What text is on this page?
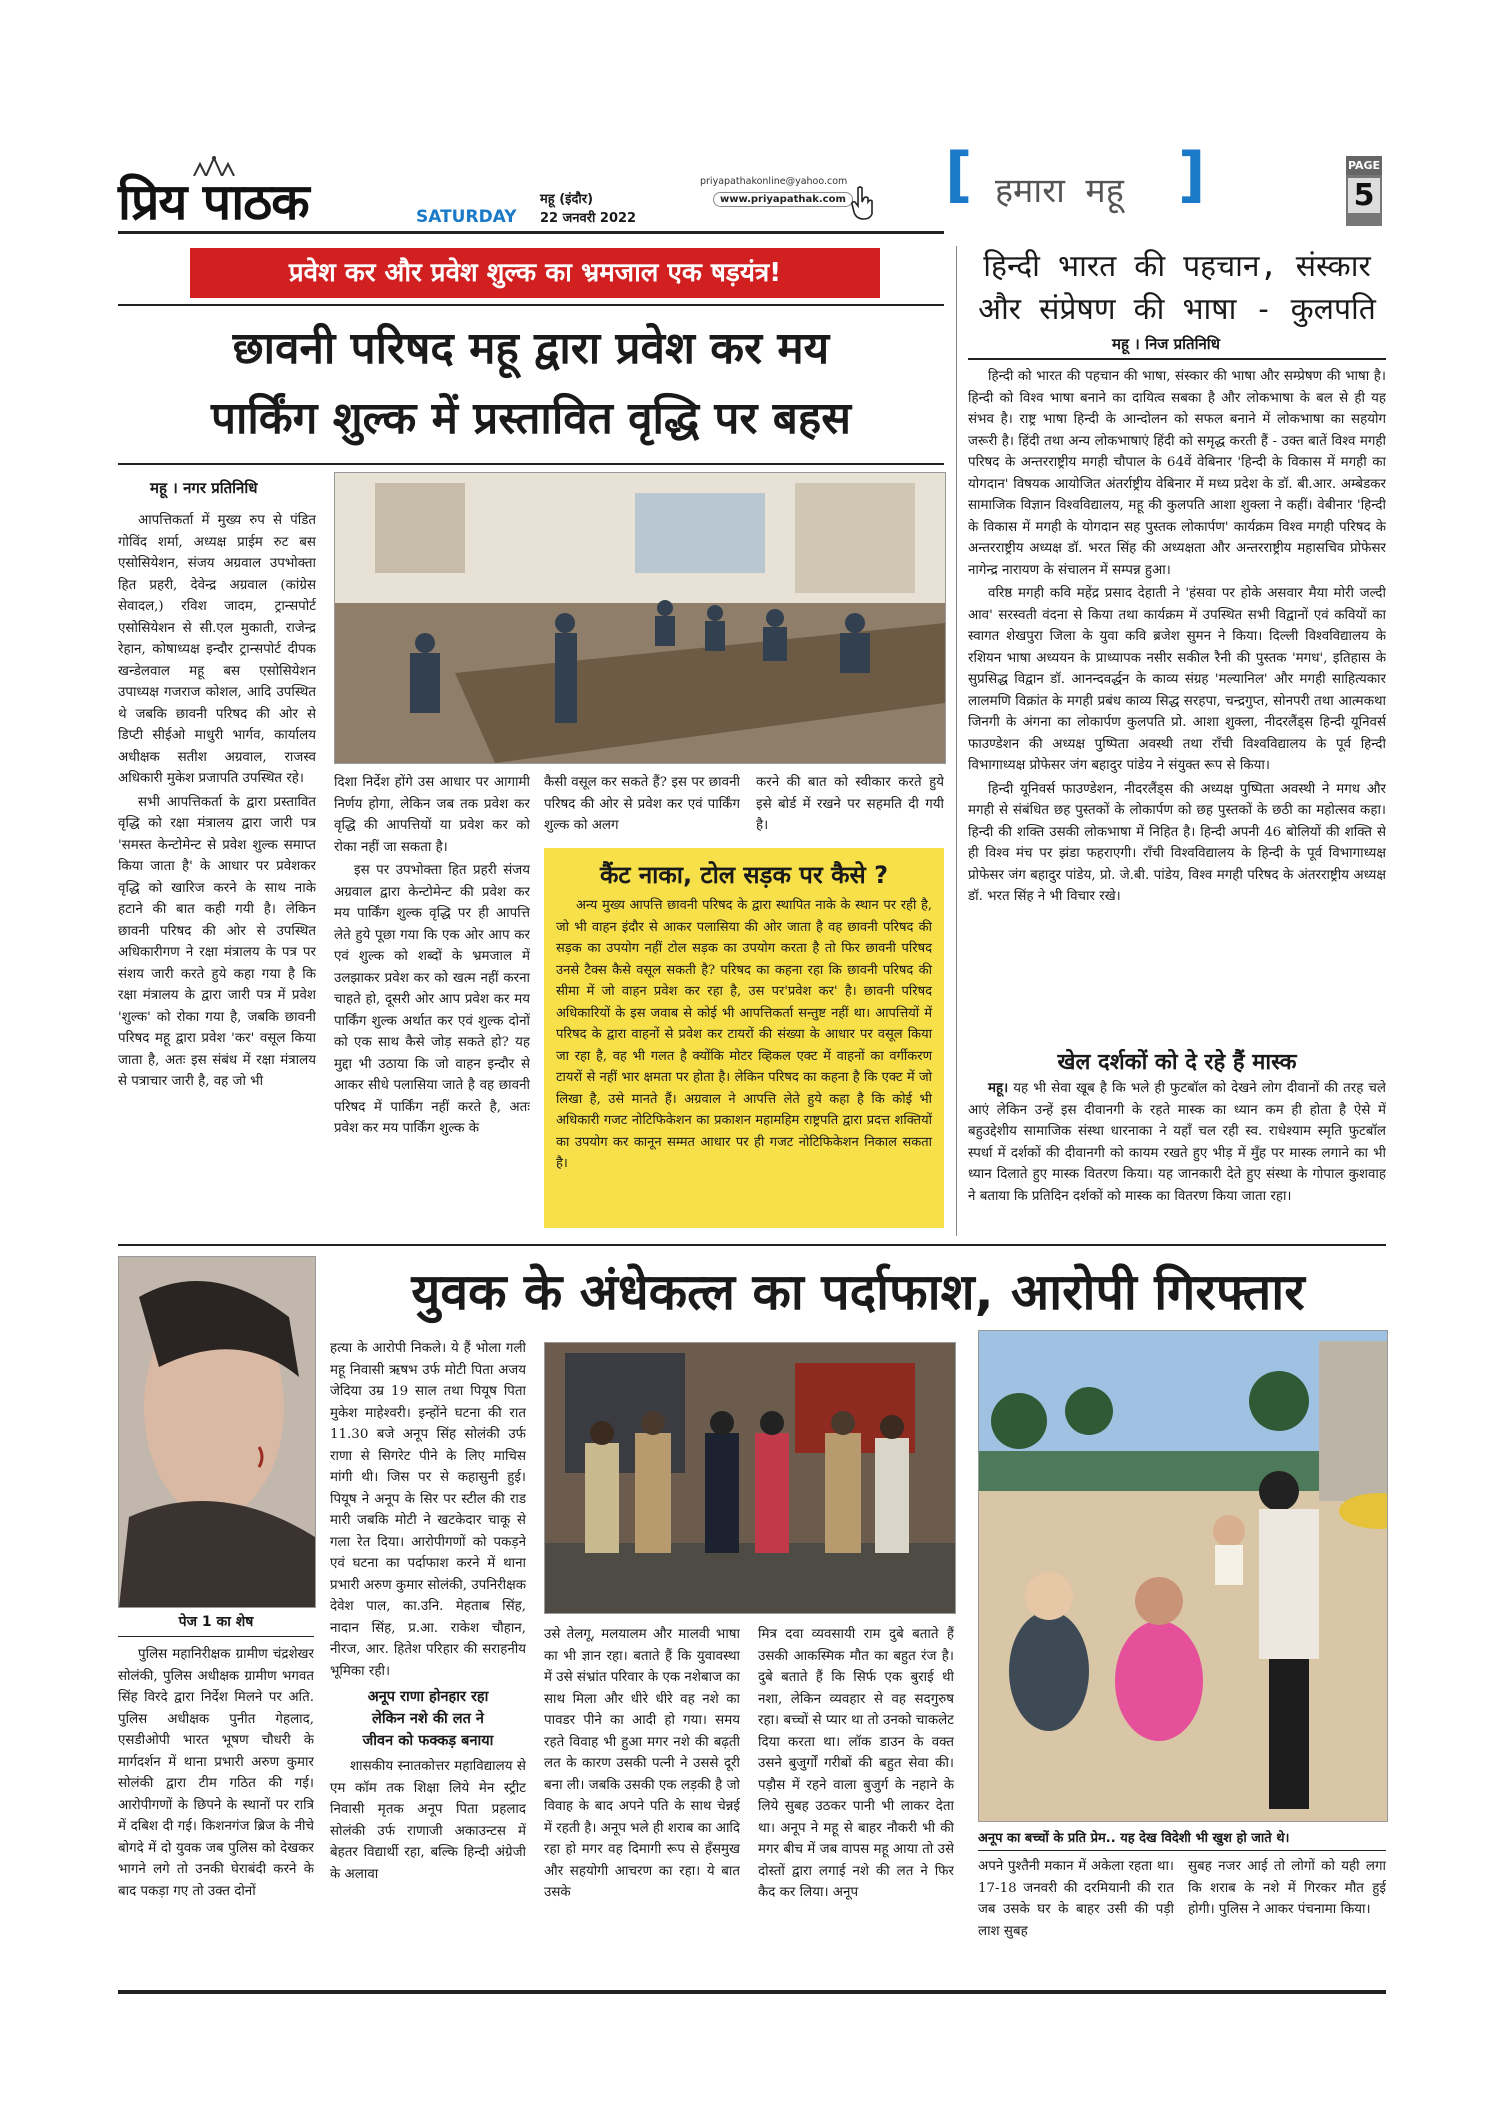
प्रिय पाठक	SATURDAY
महू (इंदौर)
22 जनवरी 2022
priyapathakonline@yahoo.com
www.priyapathak.com [ हमारा महू ]	PAGE
5
प्रवेश कर और प्रवेश शुल्क का भ्रमजाल एक षड़यंत्र!
छावनी परिषद महू द्वारा प्रवेश कर मय
पार्किंग शुल्क में प्रस्तावित वृद्धि पर बहस
महू । नगर प्रतिनिधि

आपत्तिकर्ता में मुख्य रुप से पंडित गोविंद शर्मा, अध्यक्ष प्राईम रुट बस एसोसियेशन, संजय अग्रवाल उपभोक्ता हित प्रहरी, देवेन्द्र अग्रवाल (कांग्रेस सेवादल,) रविश जादम, ट्रान्सपोर्ट एसोसियेशन से सी.एल मुकाती, राजेन्द्र रेहान, कोषाध्यक्ष इन्दौर ट्रान्सपोर्ट दीपक खन्डेलवाल महू बस एसोसियेशन उपाध्यक्ष गजराज कोशल, आदि उपस्थित थे जबकि छावनी परिषद की ओर से डिप्टी सीईओ माधुरी भार्गव, कार्यालय अधीक्षक सतीश अग्रवाल, राजस्व अधिकारी मुकेश प्रजापति उपस्थित रहे।

सभी आपत्तिकर्ता के द्वारा प्रस्तावित वृद्धि को रक्षा मंत्रालय द्वारा जारी पत्र 'समस्त केन्टोमेन्ट से प्रवेश शुल्क समाप्त किया जाता है' के आधार पर प्रवेशकर वृद्धि को खारिज करने के साथ नाके हटाने की बात कही गयी है। लेकिन छावनी परिषद की ओर से उपस्थित अधिकारीगण ने रक्षा मंत्रालय के पत्र पर संशय जारी करते हुये कहा गया है कि रक्षा मंत्रालय के द्वारा जारी पत्र में प्रवेश 'शुल्क' को रोका गया है, जबकि छावनी परिषद महू द्वारा प्रवेश 'कर' वसूल किया जाता है, अतः इस संबंध में रक्षा मंत्रालय से पत्राचार जारी है, वह जो भी

दिशा निर्देश होंगे उस आधार पर आगामी निर्णय होगा, लेकिन जब तक प्रवेश कर वृद्धि की आपत्तियों या प्रवेश कर को रोका नहीं जा सकता है।

इस पर उपभोक्ता हित प्रहरी संजय अग्रवाल द्वारा केन्टोमेन्ट की प्रवेश कर मय पार्किंग शुल्क वृद्धि पर ही आपत्ति लेते हुये पूछा गया कि एक ओर आप कर एवं शुल्क को शब्दों के भ्रमजाल में उलझाकर प्रवेश कर को खत्म नहीं करना चाहते हो, दूसरी ओर आप प्रवेश कर मय पार्किंग शुल्क अर्थात कर एवं शुल्क दोनों को एक साथ कैसे जोड़ सकते हो? यह मुद्दा भी उठाया कि जो वाहन इन्दौर से आकर सीधे पलासिया जाते है वह छावनी परिषद में पार्किंग नहीं करते है, अतः प्रवेश कर मय पार्किंग शुल्क के

कैसी वसूल कर सकते हैं? इस पर छावनी परिषद की ओर से प्रवेश कर एवं पार्किंग शुल्क को अलग

करने की बात को स्वीकार करते हुये इसे बोर्ड में रखने पर सहमति दी गयी है।

कैंट नाका, टोल सड़क पर कैसे ?
अन्य मुख्य आपत्ति छावनी परिषद के द्वारा स्थापित नाके के स्थान पर रही है, जो भी वाहन इंदौर से आकर पलासिया की ओर जाता है वह छावनी परिषद की सड़क का उपयोग नहीं टोल सड़क का उपयोग करता है तो फिर छावनी परिषद उनसे टैक्स कैसे वसूल सकती है? परिषद का कहना रहा कि छावनी परिषद की सीमा में जो वाहन प्रवेश कर रहा है, उस पर'प्रवेश कर' है। छावनी परिषद अधिकारियों के इस जवाब से कोई भी आपत्तिकर्ता सन्तुष्ट नहीं था। आपत्तियों में परिषद के द्वारा वाहनों से प्रवेश कर टायरों की संख्या के आधार पर वसूल किया जा रहा है, वह भी गलत है क्योंकि मोटर व्हिकल एक्ट में वाहनों का वर्गीकरण टायरों से नहीं भार क्षमता पर होता है। लेकिन परिषद का कहना है कि एक्ट में जो लिखा है, उसे मानते हैं। अग्रवाल ने आपत्ति लेते हुये कहा है कि कोई भी अधिकारी गजट नोटिफिकेशन का प्रकाशन महामहिम राष्ट्रपति द्वारा प्रदत्त शक्तियों का उपयोग कर कानून सम्मत आधार पर ही गजट नोटिफिकेशन निकाल सकता है।
हिन्दी भारत की पहचान, संस्कार
और संप्रेषण की भाषा - कुलपति
महू । निज प्रतिनिधि

हिन्दी को भारत की पहचान की भाषा, संस्कार की भाषा और सम्प्रेषण की भाषा है। हिन्दी को विश्व भाषा बनाने का दायित्व सबका है और लोकभाषा के बल से ही यह संभव है। राष्ट्र भाषा हिन्दी के आन्दोलन को सफल बनाने में लोकभाषा का सहयोग जरूरी है। हिंदी तथा अन्य लोकभाषाएं हिंदी को समृद्ध करती हैं - उक्त बातें विश्व मगही परिषद के अन्तरराष्ट्रीय मगही चौपाल के 64वें वेबिनार 'हिन्दी के विकास में मगही का योगदान' विषयक आयोजित अंतर्राष्ट्रीय वेबिनार में मध्य प्रदेश के डॉ. बी.आर. अम्बेडकर सामाजिक विज्ञान विश्वविद्यालय, महू की कुलपति आशा शुक्ला ने कहीं। वेबीनार 'हिन्दी के विकास में मगही के योगदान सह पुस्तक लोकार्पण' कार्यक्रम विश्व मगही परिषद के अन्तरराष्ट्रीय अध्यक्ष डॉ. भरत सिंह की अध्यक्षता और अन्तरराष्ट्रीय महासचिव प्रोफेसर नागेन्द्र नारायण के संचालन में सम्पन्न हुआ।

वरिष्ठ मगही कवि महेंद्र प्रसाद देहाती ने 'हंसवा पर होके असवार मैया मोरी जल्दी आव' सरस्वती वंदना से किया तथा कार्यक्रम में उपस्थित सभी विद्वानों एवं कवियों का स्वागत शेखपुरा जिला के युवा कवि ब्रजेश सुमन ने किया। दिल्ली विश्वविद्यालय के रशियन भाषा अध्ययन के प्राध्यापक नसीर सकील रैनी की पुस्तक 'मगध', इतिहास के सुप्रसिद्ध विद्वान डॉ. आनन्दवर्द्धन के काव्य संग्रह 'मल्यानिल' और मगही साहित्यकार लालमणि विक्रांत के मगही प्रबंध काव्य सिद्ध सरहपा, चन्द्रगुप्त, सोनपरी तथा आत्मकथा जिनगी के अंगना का लोकार्पण कुलपति प्रो. आशा शुक्ला, नीदरलैंड्स हिन्दी यूनिवर्स फाउण्डेशन की अध्यक्ष पुष्पिता अवस्थी तथा राँची विश्वविद्यालय के पूर्व हिन्दी विभागाध्यक्ष प्रोफेसर जंग बहादुर पांडेय ने संयुक्त रूप से किया।

हिन्दी यूनिवर्स फाउण्डेशन, नीदरलैंड्स की अध्यक्ष पुष्पिता अवस्थी ने मगध और मगही से संबंधित छह पुस्तकों के लोकार्पण को छह पुस्तकों के छठी का महोत्सव कहा। हिन्दी की शक्ति उसकी लोकभाषा में निहित है। हिन्दी अपनी 46 बोलियों की शक्ति से ही विश्व मंच पर झंडा फहराएगी। राँची विश्वविद्यालय के हिन्दी के पूर्व विभागाध्यक्ष प्रोफेसर जंग बहादुर पांडेय, प्रो. जे.बी. पांडेय, विश्व मगही परिषद के अंतरराष्ट्रीय अध्यक्ष डॉ. भरत सिंह ने भी विचार रखे।

खेल दर्शकों को दे रहे हैं मास्क

महू। यह भी सेवा खूब है कि भले ही फुटबॉल को देखने लोग दीवानों की तरह चले आएं लेकिन उन्हें इस दीवानगी के रहते मास्क का ध्यान कम ही होता है ऐसे में बहुउद्देशीय सामाजिक संस्था धारनाका ने यहाँ चल रही स्व. राधेश्याम स्मृति फुटबॉल स्पर्धा में दर्शकों की दीवानगी को कायम रखते हुए भीड़ में मुँह पर मास्क लगाने का भी ध्यान दिलाते हुए मास्क वितरण किया। यह जानकारी देते हुए संस्था के गोपाल कुशवाह ने बताया कि प्रतिदिन दर्शकों को मास्क का वितरण किया जाता रहा।

पेज 1 का शेष
युवक के अंधेकत्ल का पर्दाफाश, आरोपी गिरफ्तार

पुलिस महानिरीक्षक ग्रामीण चंद्रशेखर सोलंकी, पुलिस अधीक्षक ग्रामीण भगवत सिंह विरदे द्वारा निर्देश मिलने पर अति. पुलिस अधीक्षक पुनीत गेहलाद, एसडीओपी भारत भूषण चौधरी के मार्गदर्शन में थाना प्रभारी अरुण कुमार सोलंकी द्वारा टीम गठित की गई। आरोपीगणों के छिपने के स्थानों पर रात्रि में दबिश दी गई। किशनगंज ब्रिज के नीचे बोगदे में दो युवक जब पुलिस को देखकर भागने लगे तो उनकी घेराबंदी करने के बाद पकड़ा गए तो उक्त दोनों

हत्या के आरोपी निकले। ये हैं भोला गली महू निवासी ऋषभ उर्फ मोटी पिता अजय जेदिया उम्र 19 साल तथा पियूष पिता मुकेश माहेश्वरी। इन्होंने घटना की रात 11.30 बजे अनूप सिंह सोलंकी उर्फ राणा से सिगरेट पीने के लिए माचिस मांगी थी। जिस पर से कहासुनी हुई। पियूष ने अनूप के सिर पर स्टील की राड मारी जबकि मोटी ने खटकेदार चाकू से गला रेत दिया। आरोपीगणों को पकड़ने एवं घटना का पर्दाफाश करने में थाना प्रभारी अरुण कुमार सोलंकी, उपनिरीक्षक देवेश पाल, का.उनि. मेहताब सिंह, नादान सिंह, प्र.आ. राकेश चौहान, नीरज, आर. हितेश परिहार की सराहनीय भूमिका रही।

अनूप राणा होनहार रहा
लेकिन नशे की लत ने
जीवन को फक्कड़ बनाया

शासकीय स्नातकोत्तर महाविद्यालय से एम कॉम तक शिक्षा लिये मेन स्ट्रीट निवासी मृतक अनूप पिता प्रहलाद सोलंकी उर्फ राणाजी अकाउन्टस में बेहतर विद्यार्थी रहा, बल्कि हिन्दी अंग्रेजी के अलावा

उसे तेलगू, मलयालम और मालवी भाषा का भी ज्ञान रहा। बताते हैं कि युवावस्था में उसे संभ्रांत परिवार के एक नशेबाज का साथ मिला और धीरे धीरे वह नशे का पावडर पीने का आदी हो गया। समय रहते विवाह भी हुआ मगर नशे की बढ़ती लत के कारण उसकी पत्नी ने उससे दूरी बना ली। जबकि उसकी एक लड़की है जो विवाह के बाद अपने पति के साथ चेन्नई में रहती है। अनूप भले ही शराब का आदि रहा हो मगर वह दिमागी रूप से हँसमुख और सहयोगी आचरण का रहा। ये बात उसके

मित्र दवा व्यवसायी राम दुबे बताते हैं उसकी आकस्मिक मौत का बहुत रंज है। दुबे बताते हैं कि सिर्फ एक बुराई थी नशा, लेकिन व्यवहार से वह सदगुरुष रहा। बच्चों से प्यार था तो उनको चाकलेट दिया करता था। लॉक डाउन के वक्त उसने बुजुर्गों गरीबों की बहुत सेवा की। पड़ौस में रहने वाला बुजुर्ग के नहाने के लिये सुबह उठकर पानी भी लाकर देता था। अनूप ने महू से बाहर नौकरी भी की मगर बीच में जब वापस महू आया तो उसे दोस्तों द्वारा लगाई नशे की लत ने फिर कैद कर लिया। अनूप

अनूप का बच्चों के प्रति प्रेम.. यह देख विदेशी भी खुश हो जाते थे।

अपने पुश्तैनी मकान में अकेला रहता था। 17-18 जनवरी की दरमियानी की रात जब उसके घर के बाहर उसी की पड़ी लाश सुबह

सुबह नजर आई तो लोगों को यही लगा कि शराब के नशे में गिरकर मौत हुई होगी। पुलिस ने आकर पंचनामा किया।
